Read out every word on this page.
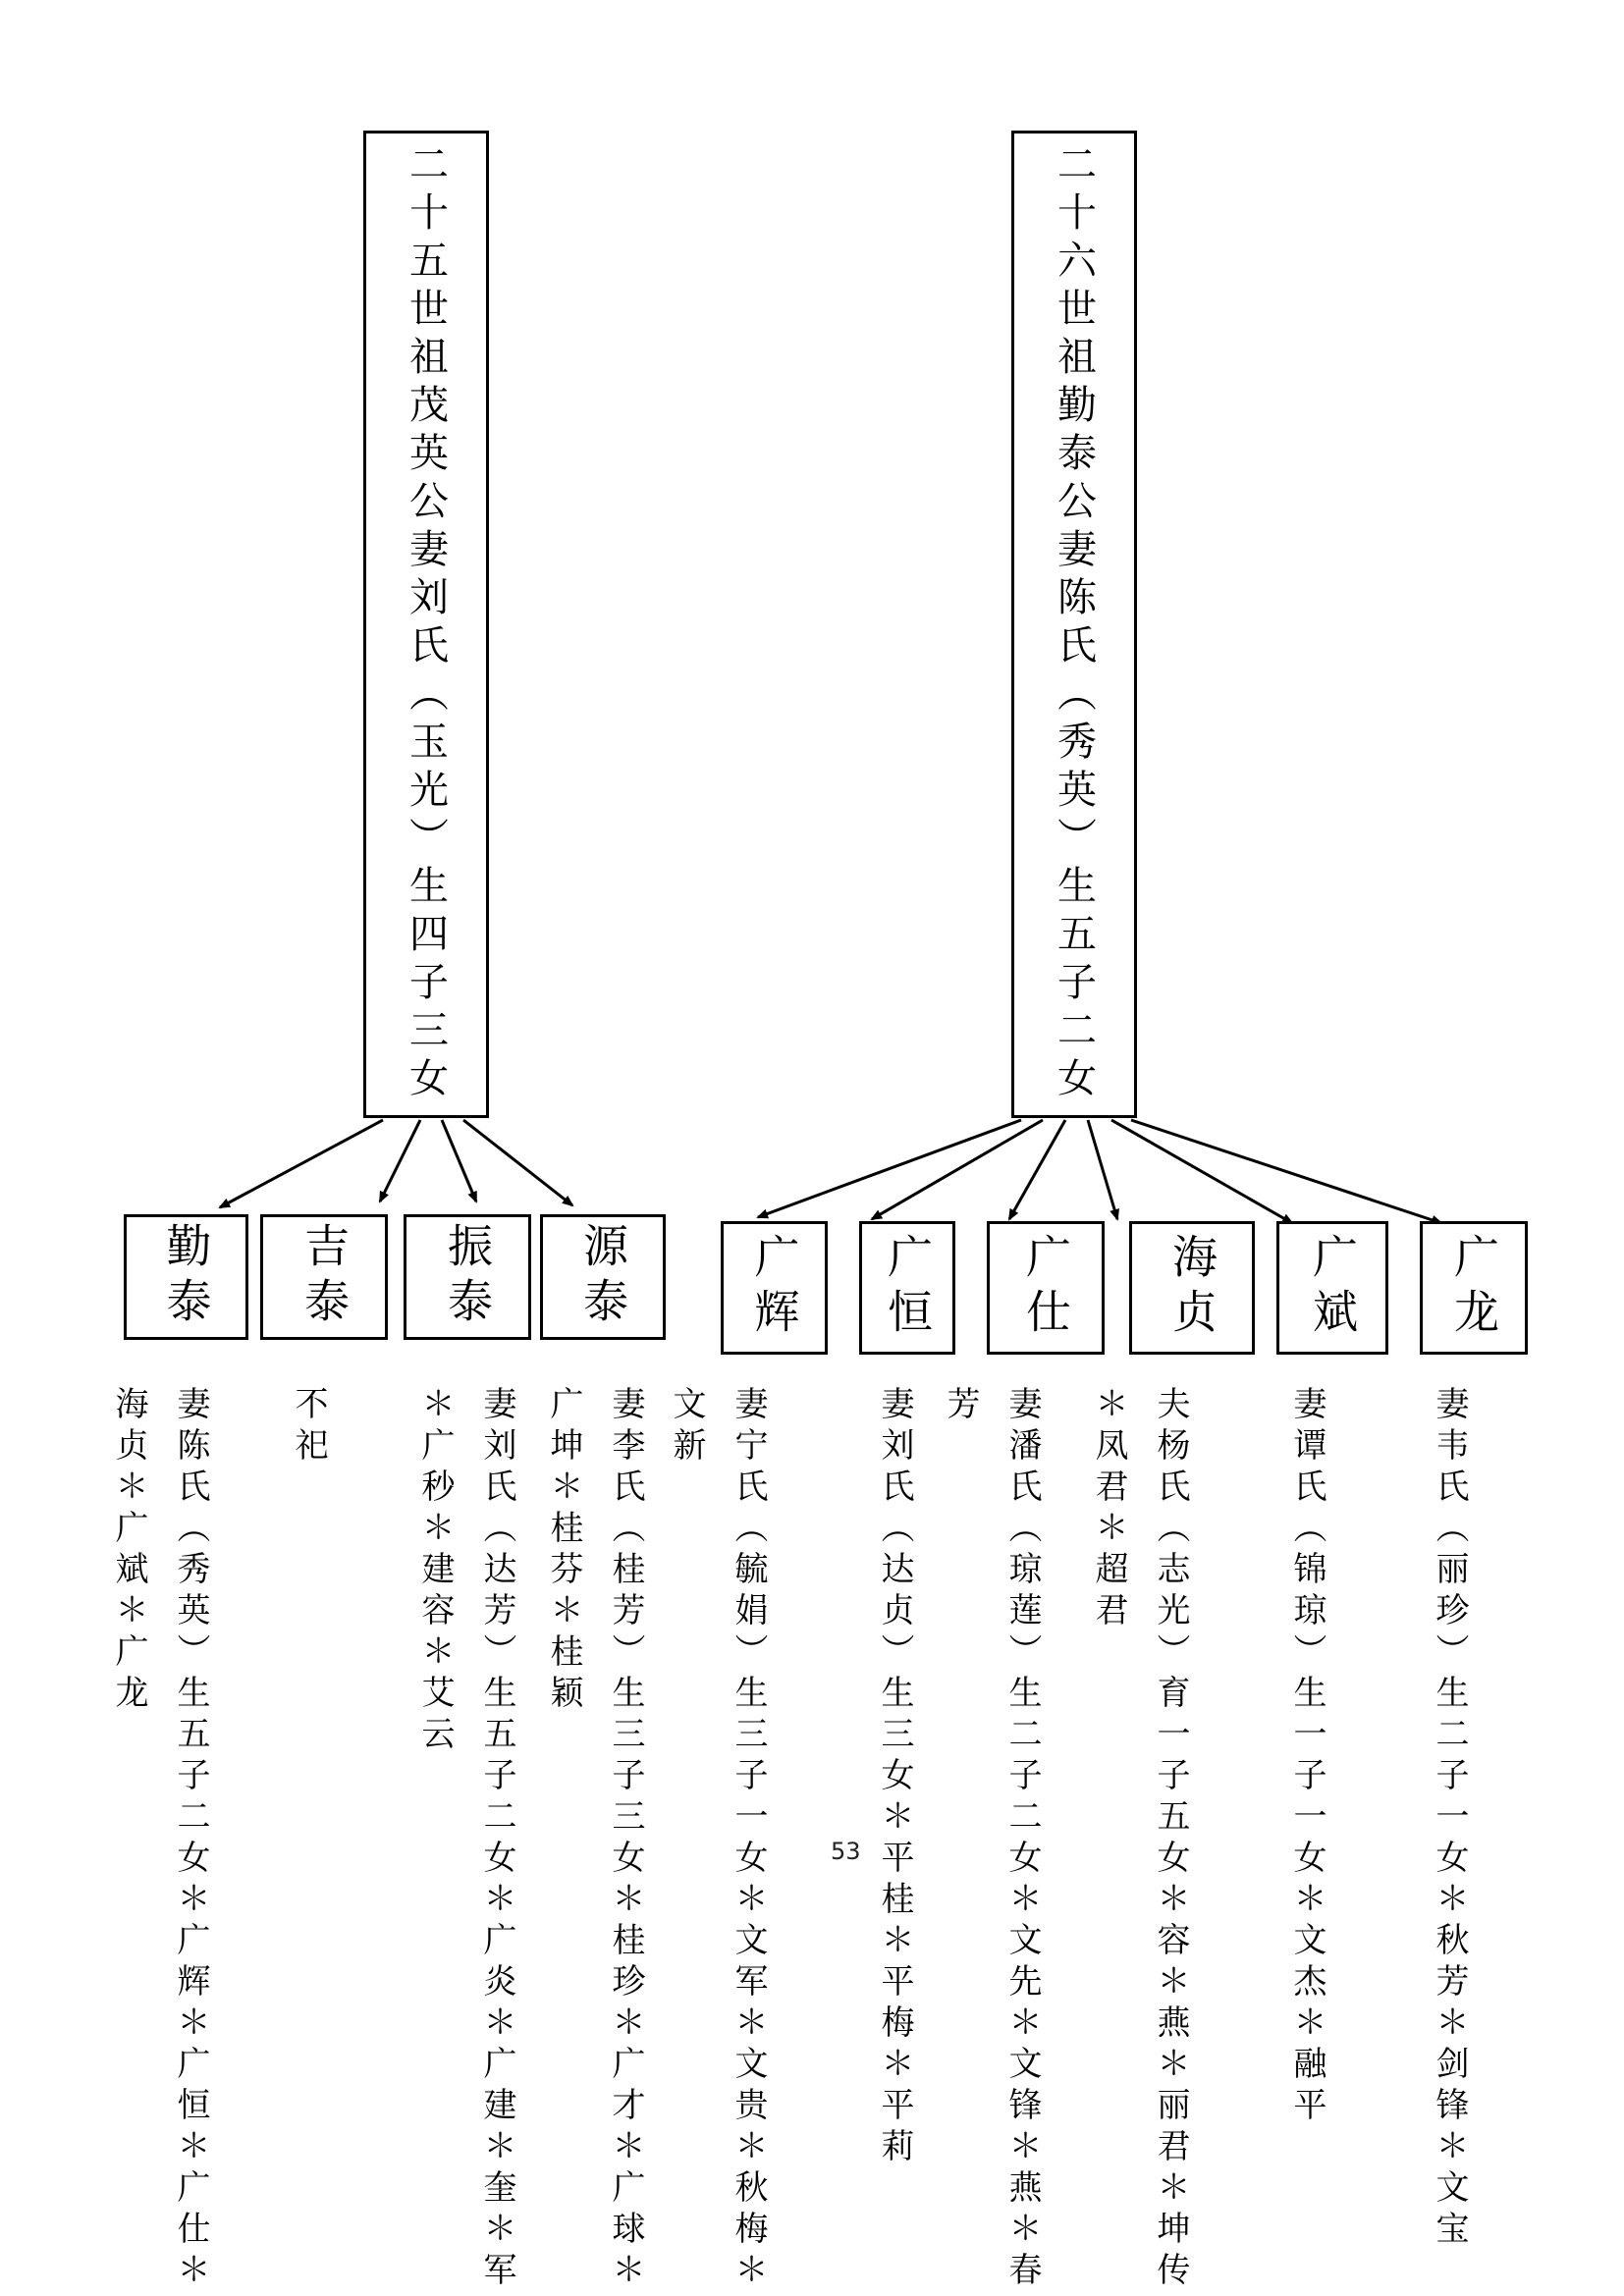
二十五世祖茂英公妻刘氏（玉光）生四子三女	二十六世祖勤泰公妻陈氏（秀英）生五子二女
勤泰 吉泰 振泰 源泰	广辉 广恒 广仕 海贞 广斌 广龙
妻陈氏（秀英）生五子二女＊广辉＊广恒＊广仕＊海贞＊广斌＊广龙	不祀	妻刘氏（达芳）生五子二女＊广炎＊广建＊奎＊军＊广秒＊建容＊艾云	妻李氏（桂芳）生三子三女＊桂珍＊广才＊广球＊广坤＊桂芬＊桂颖	妻宁氏（毓娟）生三子一女＊文军＊文贵＊秋梅＊文新	妻刘氏（达贞）生三女＊平桂＊平梅＊平莉	妻潘氏（琼莲）生二子二女＊文先＊文锋＊燕＊春芳	夫杨氏（志光）育一子五女＊容＊燕＊丽君＊坤传＊凤君＊超君	妻谭氏（锦琼）生一子一女＊文杰＊融平	妻韦氏（丽珍）生二子一女＊秋芳＊剑锋＊文宝
53
